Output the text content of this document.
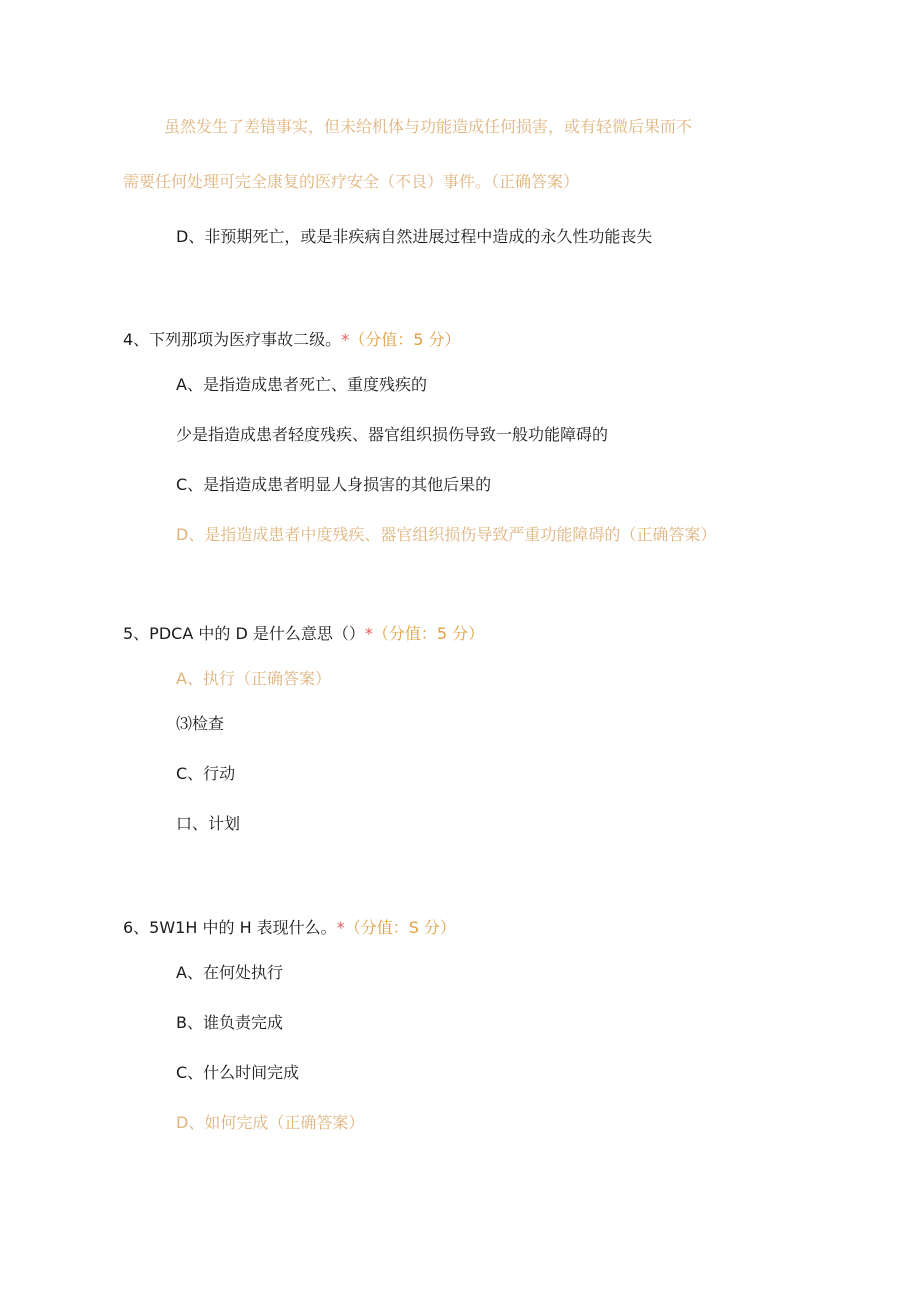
虽然发生了差错事实，但未给机体与功能造成任何损害，或有轻微后果而不
需要任何处理可完全康复的医疗安全（不良）事件。（正确答案）
D、非预期死亡，或是非疾病自然进展过程中造成的永久性功能丧失
4、下列那项为医疗事故二级。*（分值：5 分）
A、是指造成患者死亡、重度残疾的
少是指造成患者轻度残疾、器官组织损伤导致一般功能障碍的
C、是指造成患者明显人身损害的其他后果的
D、是指造成患者中度残疾、器官组织损伤导致严重功能障碍的（正确答案）
5、PDCA 中的 D 是什么意思（）*（分值：5 分）
A、执行（正确答案）
⑶检查
C、行动
口、计划
6、5W1H 中的 H 表现什么。*（分值：S 分）
A、在何处执行
B、谁负责完成
C、什么时间完成
D、如何完成（正确答案）
